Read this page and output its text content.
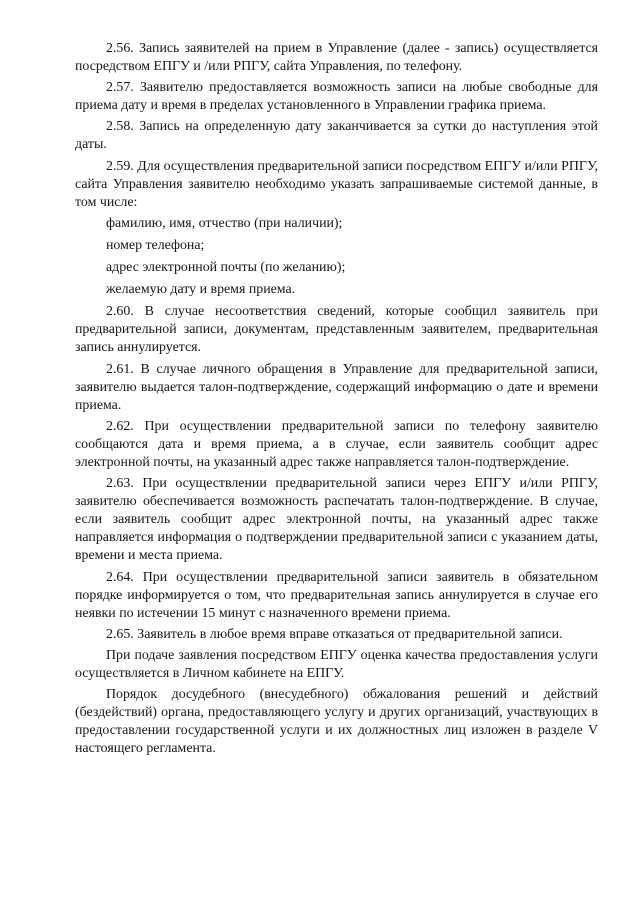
2.56. Запись заявителей на прием в Управление (далее - запись) осуществляется посредством ЕПГУ и /или РПГУ, сайта Управления, по телефону.

2.57. Заявителю предоставляется возможность записи на любые свободные для приема дату и время в пределах установленного в Управлении графика приема.

2.58. Запись на определенную дату заканчивается за сутки до наступления этой даты.

2.59. Для осуществления предварительной записи посредством ЕПГУ и/или РПГУ, сайта Управления заявителю необходимо указать запрашиваемые системой данные, в том числе:

фамилию, имя, отчество (при наличии);
номер телефона;
адрес электронной почты (по желанию);
желаемую дату и время приема.

2.60. В случае несоответствия сведений, которые сообщил заявитель при предварительной записи, документам, представленным заявителем, предварительная запись аннулируется.

2.61. В случае личного обращения в Управление для предварительной записи, заявителю выдается талон-подтверждение, содержащий информацию о дате и времени приема.

2.62. При осуществлении предварительной записи по телефону заявителю сообщаются дата и время приема, а в случае, если заявитель сообщит адрес электронной почты, на указанный адрес также направляется талон-подтверждение.

2.63. При осуществлении предварительной записи через ЕПГУ и/или РПГУ, заявителю обеспечивается возможность распечатать талон-подтверждение. В случае, если заявитель сообщит адрес электронной почты, на указанный адрес также направляется информация о подтверждении предварительной записи с указанием даты, времени и места приема.

2.64. При осуществлении предварительной записи заявитель в обязательном порядке информируется о том, что предварительная запись аннулируется в случае его неявки по истечении 15 минут с назначенного времени приема.

2.65. Заявитель в любое время вправе отказаться от предварительной записи.

При подаче заявления посредством ЕПГУ оценка качества предоставления услуги осуществляется в Личном кабинете на ЕПГУ.

Порядок досудебного (внесудебного) обжалования решений и действий (бездействий) органа, предоставляющего услугу и других организаций, участвующих в предоставлении государственной услуги и их должностных лиц изложен в разделе V настоящего регламента.
